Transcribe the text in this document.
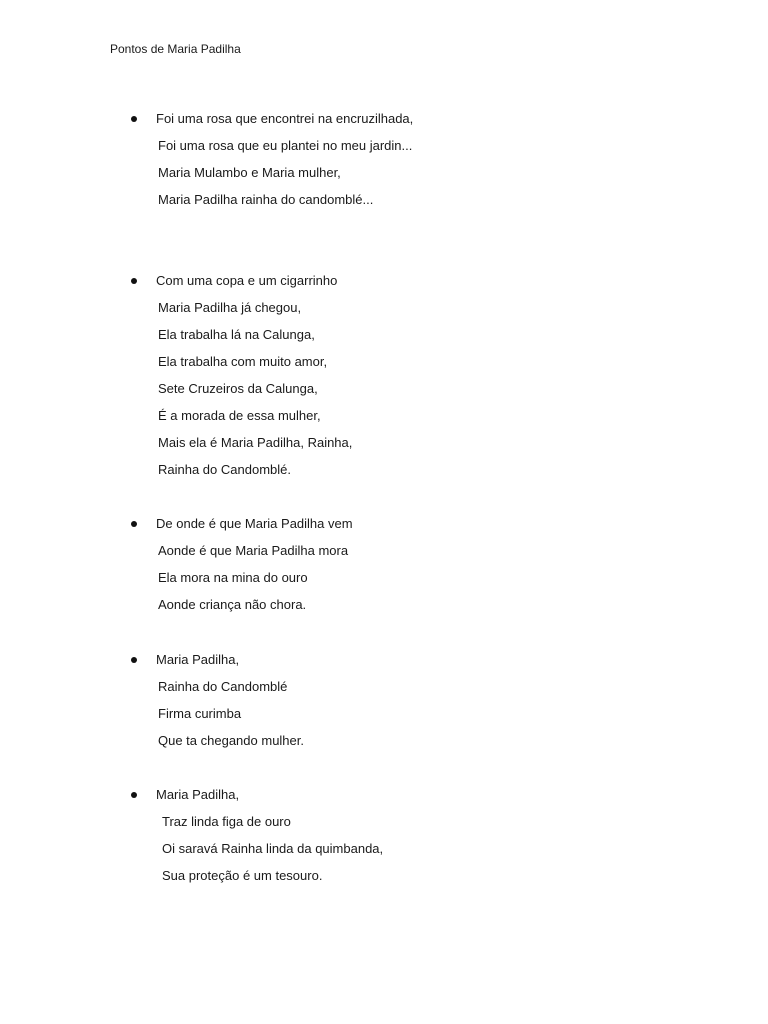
Pontos de Maria Padilha
Foi uma rosa que encontrei na encruzilhada,
Foi uma rosa que eu plantei no meu jardin...
Maria Mulambo e Maria mulher,
Maria Padilha rainha do candomblé...
Com uma copa e um cigarrinho
Maria Padilha já chegou,
Ela trabalha lá na Calunga,
Ela trabalha com muito amor,
Sete Cruzeiros da Calunga,
É a morada de essa mulher,
Mais ela é Maria Padilha, Rainha,
Rainha do Candomblé.
De onde é que Maria Padilha vem
Aonde é que Maria Padilha mora
Ela mora na mina do ouro
Aonde criança não chora.
Maria Padilha,
Rainha do Candomblé
Firma curimba
Que ta chegando mulher.
Maria Padilha,
Traz linda figa de ouro
Oi saravá Rainha linda da quimbanda,
Sua proteção é um tesouro.
